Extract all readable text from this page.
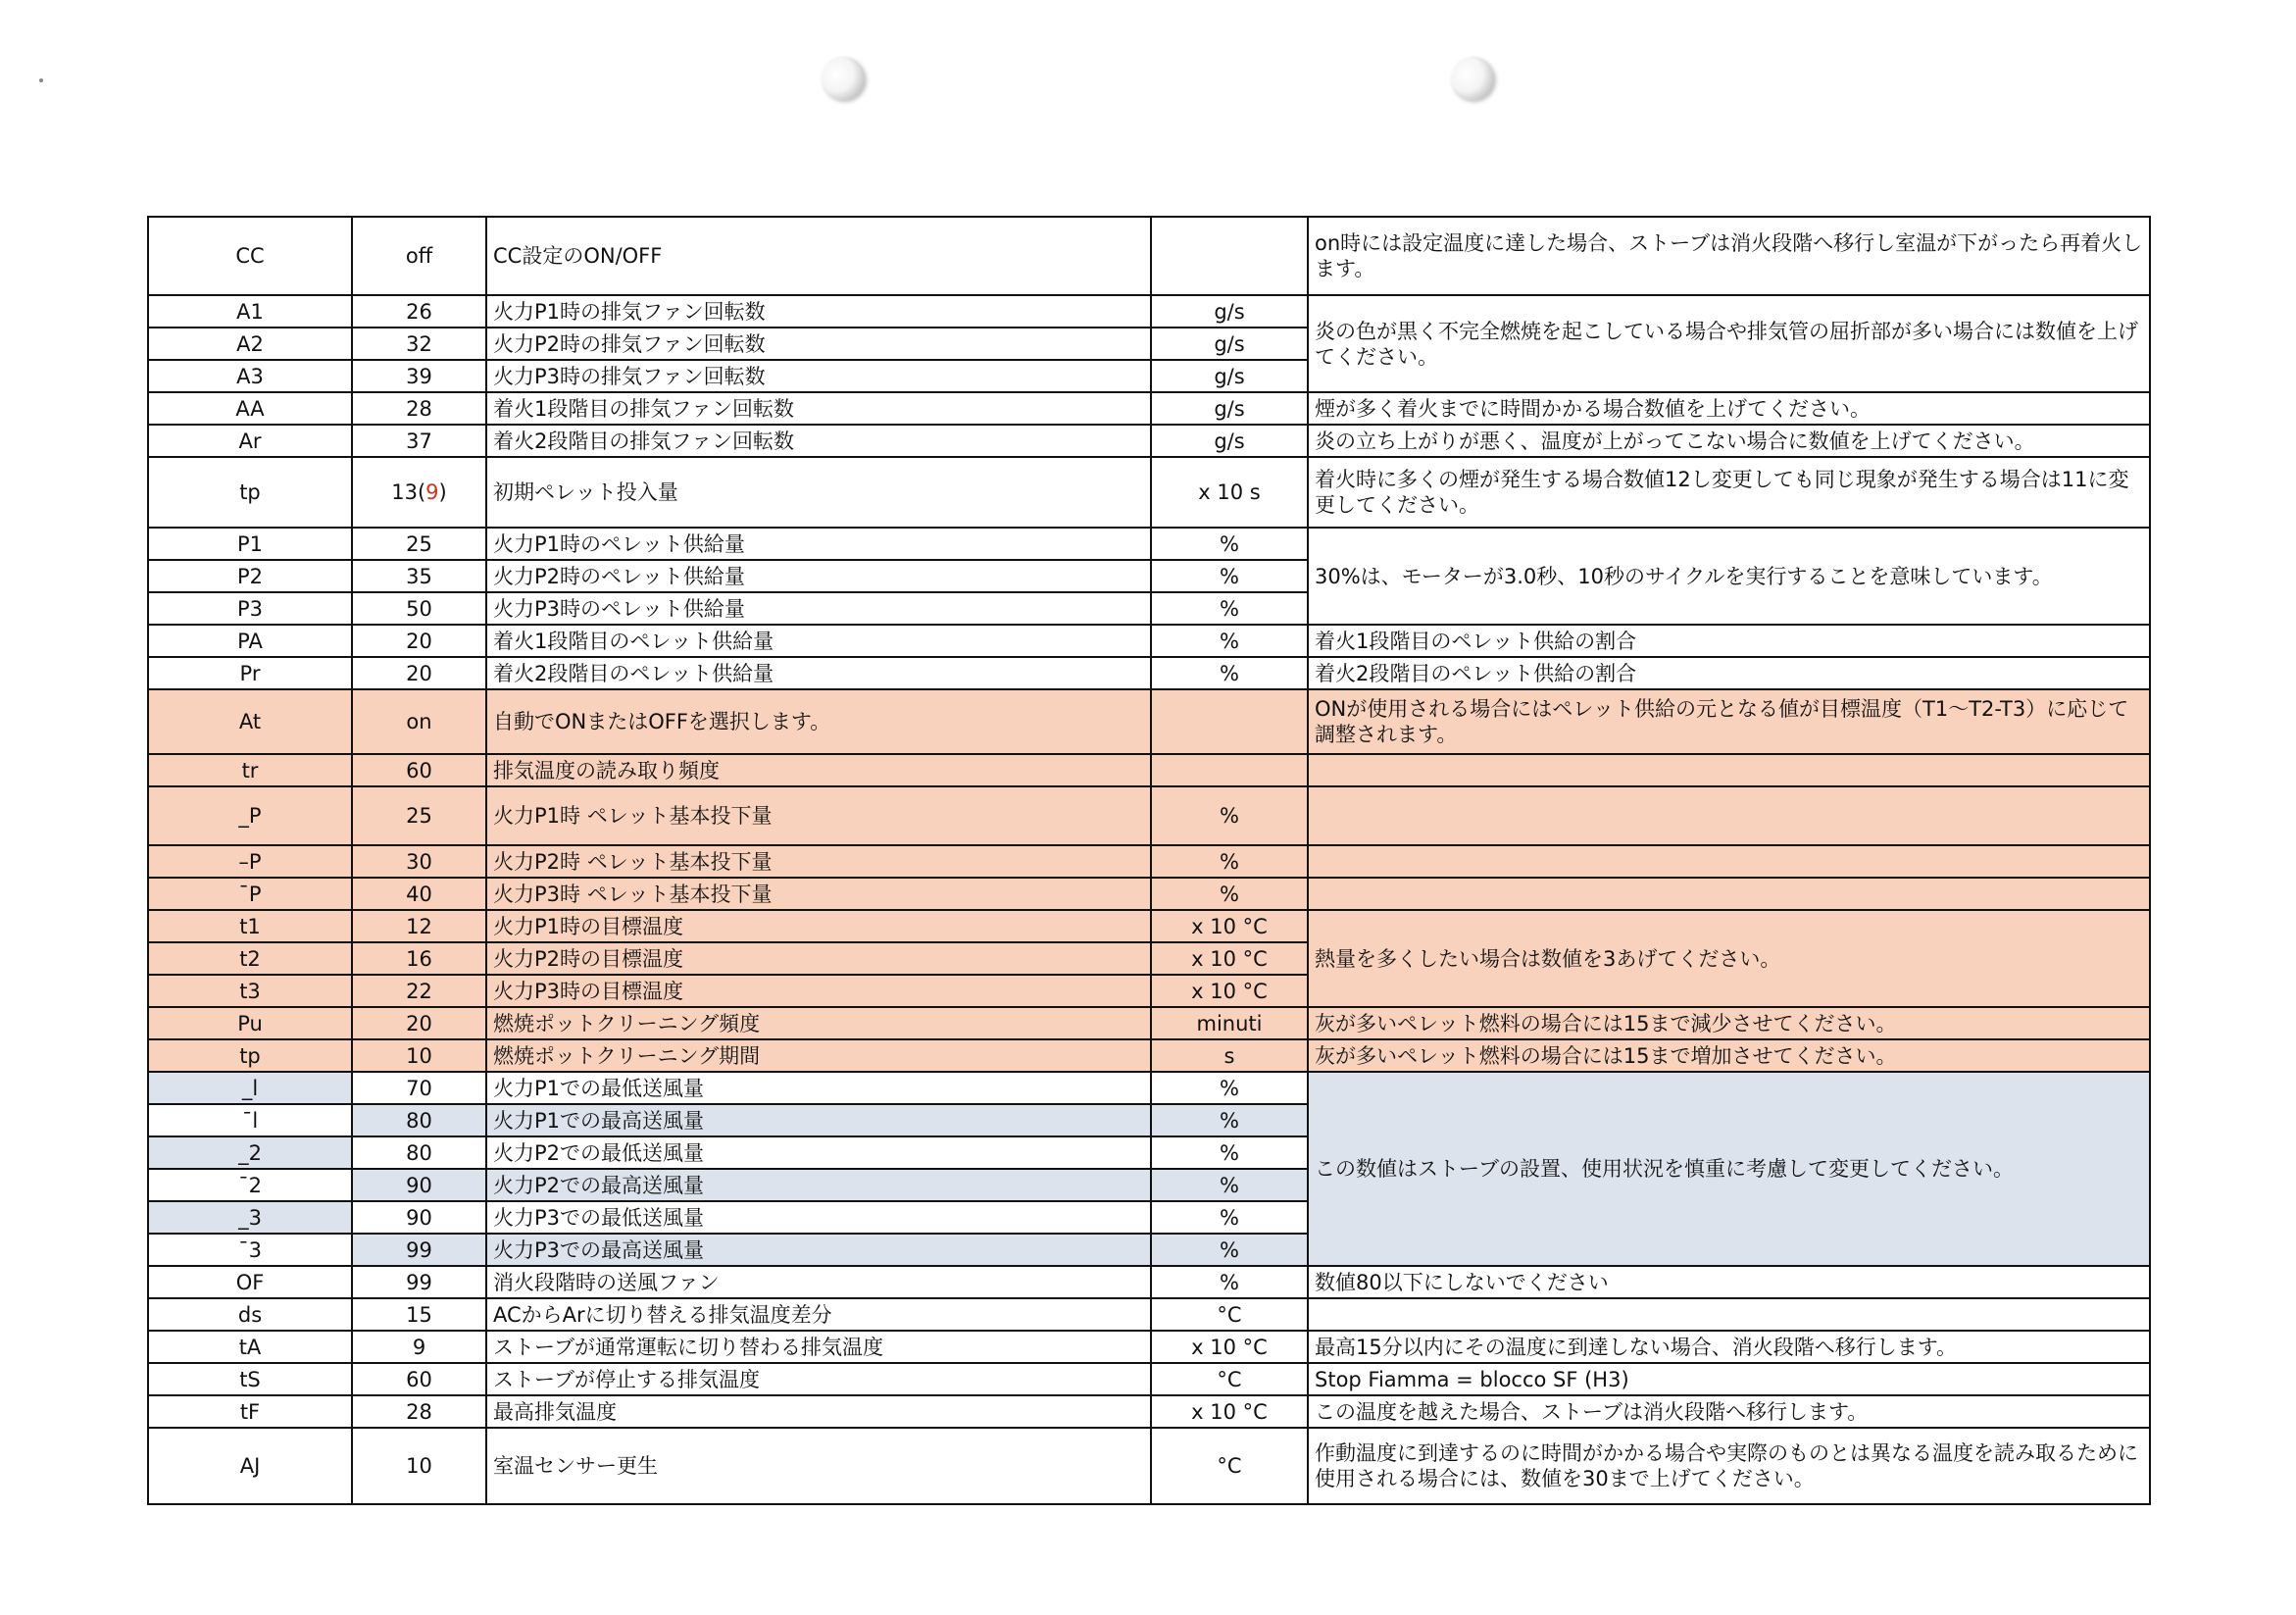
CC	off	CC設定のON/OFF		on時には設定温度に達した場合、ストーブは消火段階へ移行し室温が下がったら再着火します。
A1	26	火力P1時の排気ファン回転数	g/s	炎の色が黒く不完全燃焼を起こしている場合や排気管の屈折部が多い場合には数値を上げてください。
A2	32	火力P2時の排気ファン回転数	g/s	
A3	39	火力P3時の排気ファン回転数	g/s	
AA	28	着火1段階目の排気ファン回転数	g/s	煙が多く着火までに時間かかる場合数値を上げてください。
Ar	37	着火2段階目の排気ファン回転数	g/s	炎の立ち上がりが悪く、温度が上がってこない場合に数値を上げてください。
tp	13(9)	初期ペレット投入量	x 10 s	着火時に多くの煙が発生する場合数値12し変更しても同じ現象が発生する場合は11に変更してください。
P1	25	火力P1時のペレット供給量	%	30%は、モーターが3.0秒、10秒のサイクルを実行することを意味しています。
P2	35	火力P2時のペレット供給量	%	
P3	50	火力P3時のペレット供給量	%	
PA	20	着火1段階目のペレット供給量	%	着火1段階目のペレット供給の割合
Pr	20	着火2段階目のペレット供給量	%	着火2段階目のペレット供給の割合
At	on	自動でONまたはOFFを選択します。		ONが使用される場合にはペレット供給の元となる値が目標温度（T1～T2-T3）に応じて調整されます。
tr	60	排気温度の読み取り頻度		
_P	25	火力P1時 ペレット基本投下量	%	
–P	30	火力P2時 ペレット基本投下量	%	
¯P	40	火力P3時 ペレット基本投下量	%	
t1	12	火力P1時の目標温度	x 10 °C	熱量を多くしたい場合は数値を3あげてください。
t2	16	火力P2時の目標温度	x 10 °C	
t3	22	火力P3時の目標温度	x 10 °C	
Pu	20	燃焼ポットクリーニング頻度	minuti	灰が多いペレット燃料の場合には15まで減少させてください。
tp	10	燃焼ポットクリーニング期間	s	灰が多いペレット燃料の場合には15まで増加させてください。
_l	70	火力P1での最低送風量	%	この数値はストーブの設置、使用状況を慎重に考慮して変更してください。
¯l	80	火力P1での最高送風量	%	
_2	80	火力P2での最低送風量	%	
¯2	90	火力P2での最高送風量	%	
_3	90	火力P3での最低送風量	%	
¯3	99	火力P3での最高送風量	%	
OF	99	消火段階時の送風ファン	%	数値80以下にしないでください
ds	15	ACからArに切り替える排気温度差分	°C	
tA	9	ストーブが通常運転に切り替わる排気温度	x 10 °C	最高15分以内にその温度に到達しない場合、消火段階へ移行します。
tS	60	ストーブが停止する排気温度	°C	Stop Fiamma = blocco SF (H3)
tF	28	最高排気温度	x 10 °C	この温度を越えた場合、ストーブは消火段階へ移行します。
AJ	10	室温センサー更生	°C	作動温度に到達するのに時間がかかる場合や実際のものとは異なる温度を読み取るために使用される場合には、数値を30まで上げてください。
